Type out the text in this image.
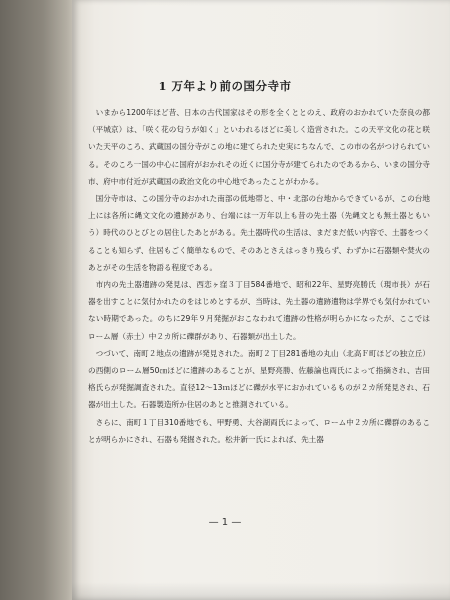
1 万年より前の国分寺市

いまから1200年ほど昔、日本の古代国家はその形を全くととのえ、政府のおかれていた奈良の都（平城京）は、「咲く花の匂うが如く」といわれるほどに美しく造営された。この天平文化の花と咲いた天平のころ、武蔵国の国分寺がこの地に建てられた史実にちなんで、この市の名がつけられている。そのころ一国の中心に国府がおかれその近くに国分寺が建てられたのであるから、いまの国分寺市、府中市付近が武蔵国の政治文化の中心地であったことがわかる。

国分寺市は、この国分寺のおかれた南部の低地帯と、中・北部の台地からできているが、この台地上には各所に縄文文化の遺跡があり、台端には一万年以上も昔の先土器（先縄文とも無土器ともいう）時代のひとびとの居住したあとがある。先土器時代の生活は、まだまだ低い内容で、土器をつくることも知らず、住居もごく簡単なもので、そのあとさえはっきり残らず、わずかに石器類や焚火のあとがその生活を物語る程度である。

市内の先土器遺跡の発見は、西恋ヶ窪３丁目584番地で、昭和22年、星野亮勝氏（現市長）が石器を出すことに気付かれたのをはじめとするが、当時は、先土器の遺跡遺物は学界でも気付かれていない時期であった。のちに29年９月発掘がおこなわれて遺跡の性格が明らかになったが、ここではローム層（赤土）中２カ所に礫群があり、石器類が出土した。

つづいて、南町２地点の遺跡が発見された。南町２丁目281番地の丸山（北高Ｆ町ほどの独立丘）の西側のローム層50㎝ほどに遺跡のあることが、星野亮勝、佐藤論也両氏によって指摘され、吉田格氏らが発掘調査された。直径12～13ｍほどに礫が水平におかれているものが２カ所発見され、石器が出土した。石器製造所か住居のあとと推測されている。

さらに、南町１丁目310番地でも、甲野勇、大谷湖両氏によって、ローム中２カ所に礫群のあることが明らかにされ、石器も発掘された。松井新一氏によれば、先土器

— 1 —
